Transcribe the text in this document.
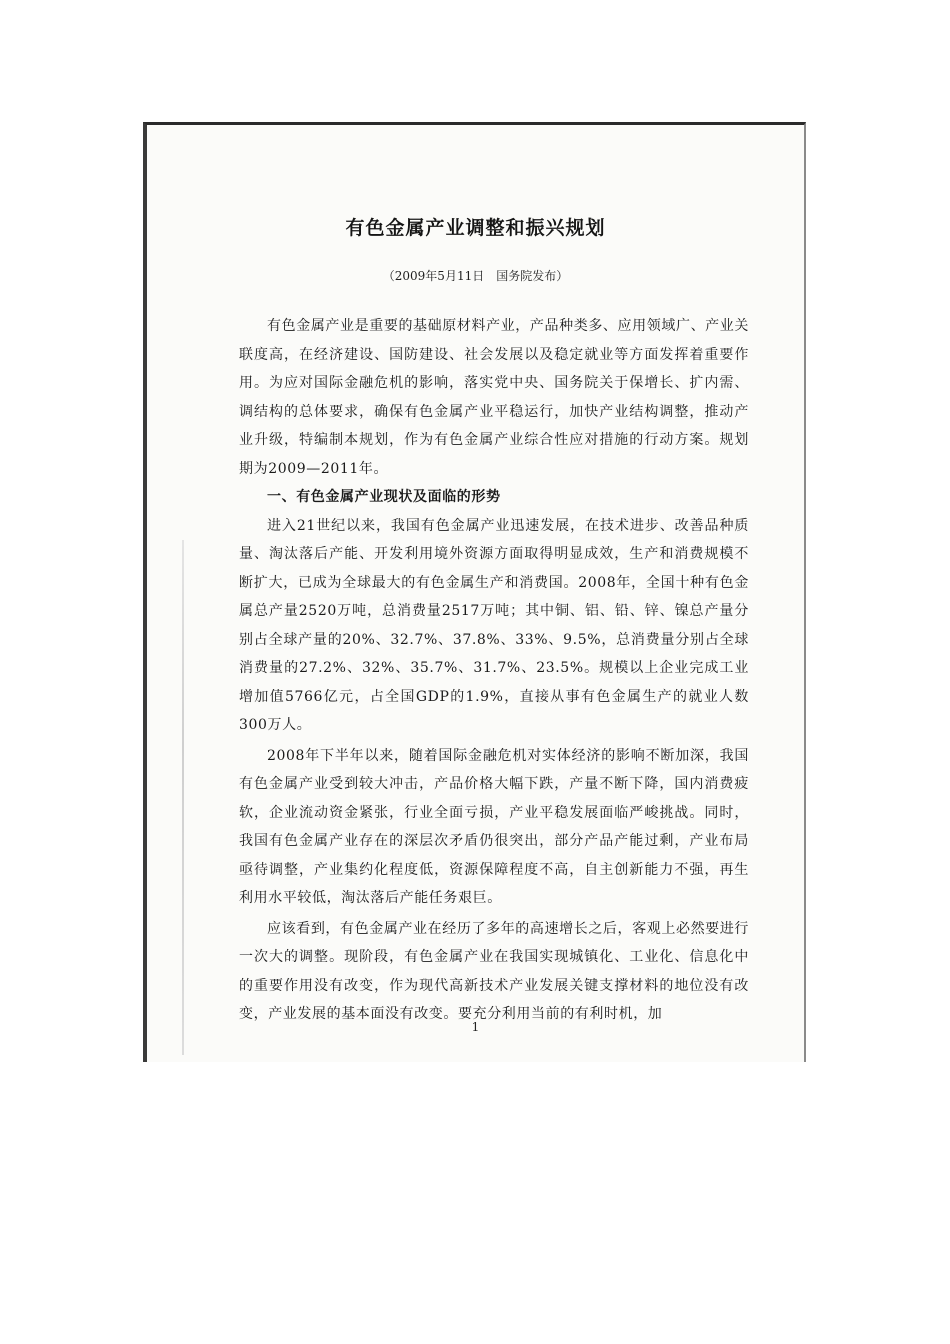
有色金属产业调整和振兴规划
（2009年5月11日　国务院发布）

有色金属产业是重要的基础原材料产业，产品种类多、应用领域广、产业关联度高，在经济建设、国防建设、社会发展以及稳定就业等方面发挥着重要作用。为应对国际金融危机的影响，落实党中央、国务院关于保增长、扩内需、调结构的总体要求，确保有色金属产业平稳运行，加快产业结构调整，推动产业升级，特编制本规划，作为有色金属产业综合性应对措施的行动方案。规划期为2009—2011年。

一、有色金属产业现状及面临的形势

进入21世纪以来，我国有色金属产业迅速发展，在技术进步、改善品种质量、淘汰落后产能、开发利用境外资源方面取得明显成效，生产和消费规模不断扩大，已成为全球最大的有色金属生产和消费国。2008年，全国十种有色金属总产量2520万吨，总消费量2517万吨；其中铜、铝、铅、锌、镍总产量分别占全球产量的20%、32.7%、37.8%、33%、9.5%，总消费量分别占全球消费量的27.2%、32%、35.7%、31.7%、23.5%。规模以上企业完成工业增加值5766亿元，占全国GDP的1.9%，直接从事有色金属生产的就业人数300万人。

2008年下半年以来，随着国际金融危机对实体经济的影响不断加深，我国有色金属产业受到较大冲击，产品价格大幅下跌，产量不断下降，国内消费疲软，企业流动资金紧张，行业全面亏损，产业平稳发展面临严峻挑战。同时，我国有色金属产业存在的深层次矛盾仍很突出，部分产品产能过剩，产业布局亟待调整，产业集约化程度低，资源保障程度不高，自主创新能力不强，再生利用水平较低，淘汰落后产能任务艰巨。

应该看到，有色金属产业在经历了多年的高速增长之后，客观上必然要进行一次大的调整。现阶段，有色金属产业在我国实现城镇化、工业化、信息化中的重要作用没有改变，作为现代高新技术产业发展关键支撑材料的地位没有改变，产业发展的基本面没有改变。要充分利用当前的有利时机，加

1
